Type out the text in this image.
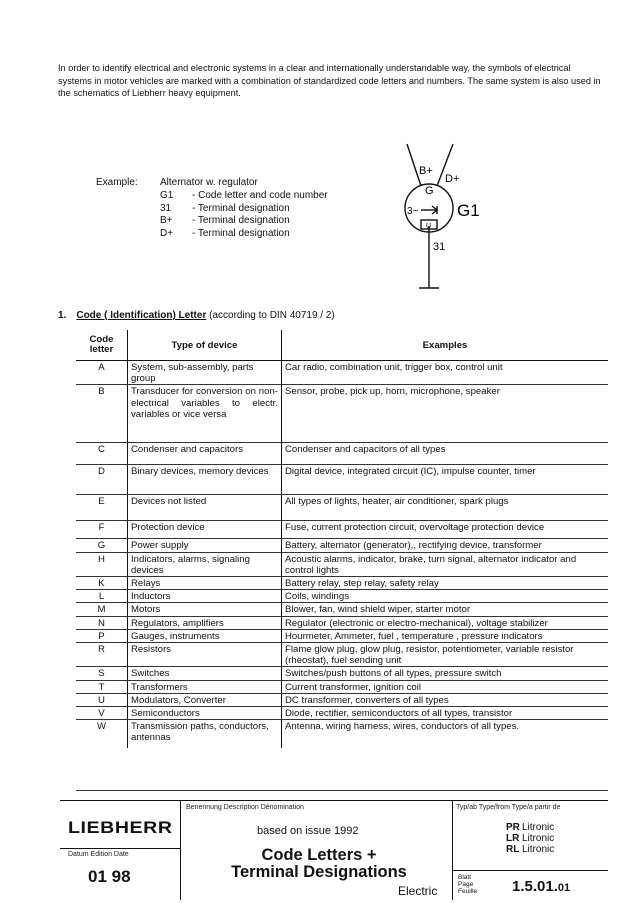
In order to identify electrical and electronic systems in a clear and internationally understandable way, the symbols of electrical systems in motor vehicles are marked with a combination of standardized code letters and numbers. The same system is also used in the schematics of Liebherr heavy equipment.
Example: Alternator w. regulator
G1	- Code letter and code number
31	- Terminal designation
B+	- Terminal designation
D+	- Terminal designation
B+
D+
G
3~
U
G1
31
1. Code ( Identification) Letter (according to DIN 40719 / 2)
Code letter	Type of device	Examples
A	System, sub-assembly, parts group	Car radio, combination unit, trigger box, control unit
B	Transducer for conversion on non-electrical variables to electr. variables or vice versa	Sensor, probe, pick up, horn, microphone, speaker
C	Condenser and capacitors	Condenser and capacitors of all types
D	Binary devices, memory devices	Digital device, integrated circuit (IC), impulse counter, timer
E	Devices not listed	All types of lights, heater, air conditioner, spark plugs
F	Protection device	Fuse, current protection circuit, overvoltage protection device
G	Power supply	Battery, alternator (generator),, rectifying device, transformer
H	Indicators, alarms, signaling devices	Acoustic alarms, indicator, brake, turn signal, alternator indicator and control lights
K	Relays	Battery relay, step relay, safety relay
L	Inductors	Coils, windings
M	Motors	Blower, fan, wind shield wiper, starter motor
N	Regulators, amplifiers	Regulator (electronic or electro-mechanical), voltage stabilizer
P	Gauges, instruments	Hourmeter, Ammeter, fuel , temperature , pressure indicators
R	Resistors	Flame glow plug, glow plug, resistor, potentiometer, variable resistor (rheostat), fuel sending unit
S	Switches	Switches/push buttons of all types, pressure switch
T	Transformers	Current transformer, ignition coil
U	Modulators, Converter	DC transformer, converters of all types
V	Semiconductors	Diode, rectifier, semiconductors of all types, transistor
W	Transmission paths, conductors, antennas	Antenna, wiring harness, wires, conductors of all types.
LIEBHERR
Datum Edition Date
01 98
Benennung Description Dénomination
based on issue 1992
Code Letters +
Terminal Designations
Electric
Typ/ab Type/from Type/a partir de
PR Litronic
LR Litronic
RL Litronic
Blatt
Page
Feuille 1.5.01.01
